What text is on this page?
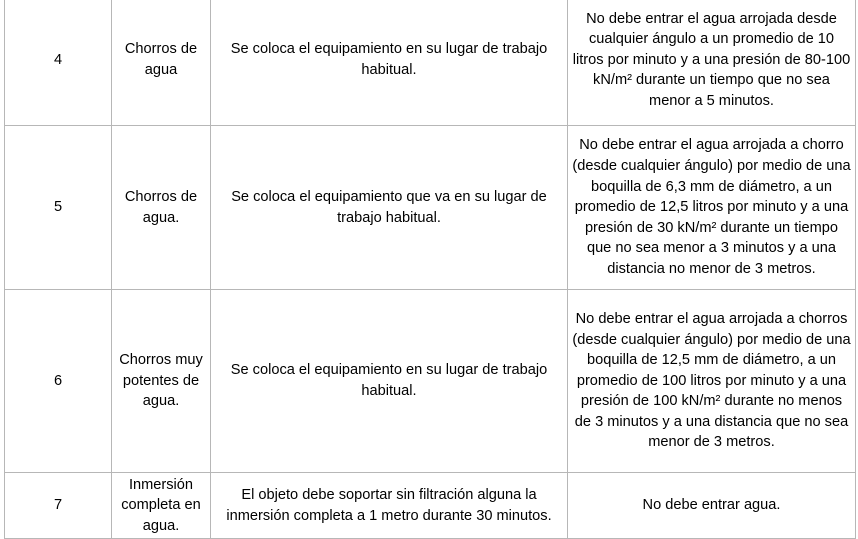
4	Chorros de agua	Se coloca el equipamiento en su lugar de trabajo habitual.	No debe entrar el agua arrojada desde cualquier ángulo a un promedio de 10 litros por minuto y a una presión de 80-100 kN/m² durante un tiempo que no sea menor a 5 minutos.

5	Chorros de agua.	Se coloca el equipamiento que va en su lugar de trabajo habitual.	No debe entrar el agua arrojada a chorro (desde cualquier ángulo) por medio de una boquilla de 6,3 mm de diámetro, a un promedio de 12,5 litros por minuto y a una presión de 30 kN/m² durante un tiempo que no sea menor a 3 minutos y a una distancia no menor de 3 metros.

6	Chorros muy potentes de agua.	Se coloca el equipamiento en su lugar de trabajo habitual.	No debe entrar el agua arrojada a chorros (desde cualquier ángulo) por medio de una boquilla de 12,5 mm de diámetro, a un promedio de 100 litros por minuto y a una presión de 100 kN/m² durante no menos de 3 minutos y a una distancia que no sea menor de 3 metros.

7	Inmersión completa en agua.	El objeto debe soportar sin filtración alguna la inmersión completa a 1 metro durante 30 minutos.	No debe entrar agua.
